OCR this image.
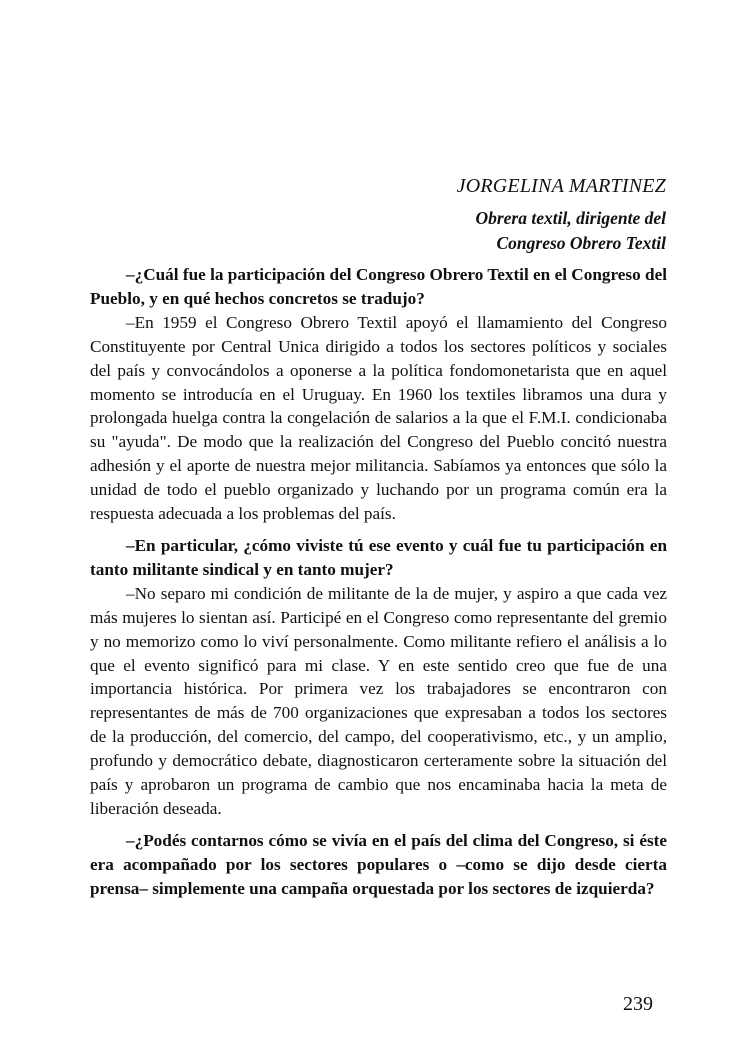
JORGELINA MARTINEZ
Obrera textil, dirigente del
Congreso Obrero Textil

–¿Cuál fue la participación del Congreso Obrero Textil en el Congreso del Pueblo, y en qué hechos concretos se tradujo?

–En 1959 el Congreso Obrero Textil apoyó el llamamiento del Congreso Constituyente por Central Unica dirigido a todos los sectores políticos y sociales del país y convocándolos a oponerse a la política fondomonetarista que en aquel momento se introducía en el Uruguay. En 1960 los textiles libramos una dura y prolongada huelga contra la congelación de salarios a la que el F.M.I. condicionaba su "ayuda". De modo que la realización del Congreso del Pueblo concitó nuestra adhesión y el aporte de nuestra mejor militancia. Sabíamos ya entonces que sólo la unidad de todo el pueblo organizado y luchando por un programa común era la respuesta adecuada a los problemas del país.

–En particular, ¿cómo viviste tú ese evento y cuál fue tu participación en tanto militante sindical y en tanto mujer?

–No separo mi condición de militante de la de mujer, y aspiro a que cada vez más mujeres lo sientan así. Participé en el Congreso como representante del gremio y no memorizo como lo viví personalmente. Como militante refiero el análisis a lo que el evento significó para mi clase. Y en este sentido creo que fue de una importancia histórica. Por primera vez los trabajadores se encontraron con representantes de más de 700 organizaciones que expresaban a todos los sectores de la producción, del comercio, del campo, del cooperativismo, etc., y un amplio, profundo y democrático debate, diagnosticaron certeramente sobre la situación del país y aprobaron un programa de cambio que nos encaminaba hacia la meta de liberación deseada.

–¿Podés contarnos cómo se vivía en el país del clima del Congreso, si éste era acompañado por los sectores populares o –como se dijo desde cierta prensa– simplemente una campaña orquestada por los sectores de izquierda?

239
